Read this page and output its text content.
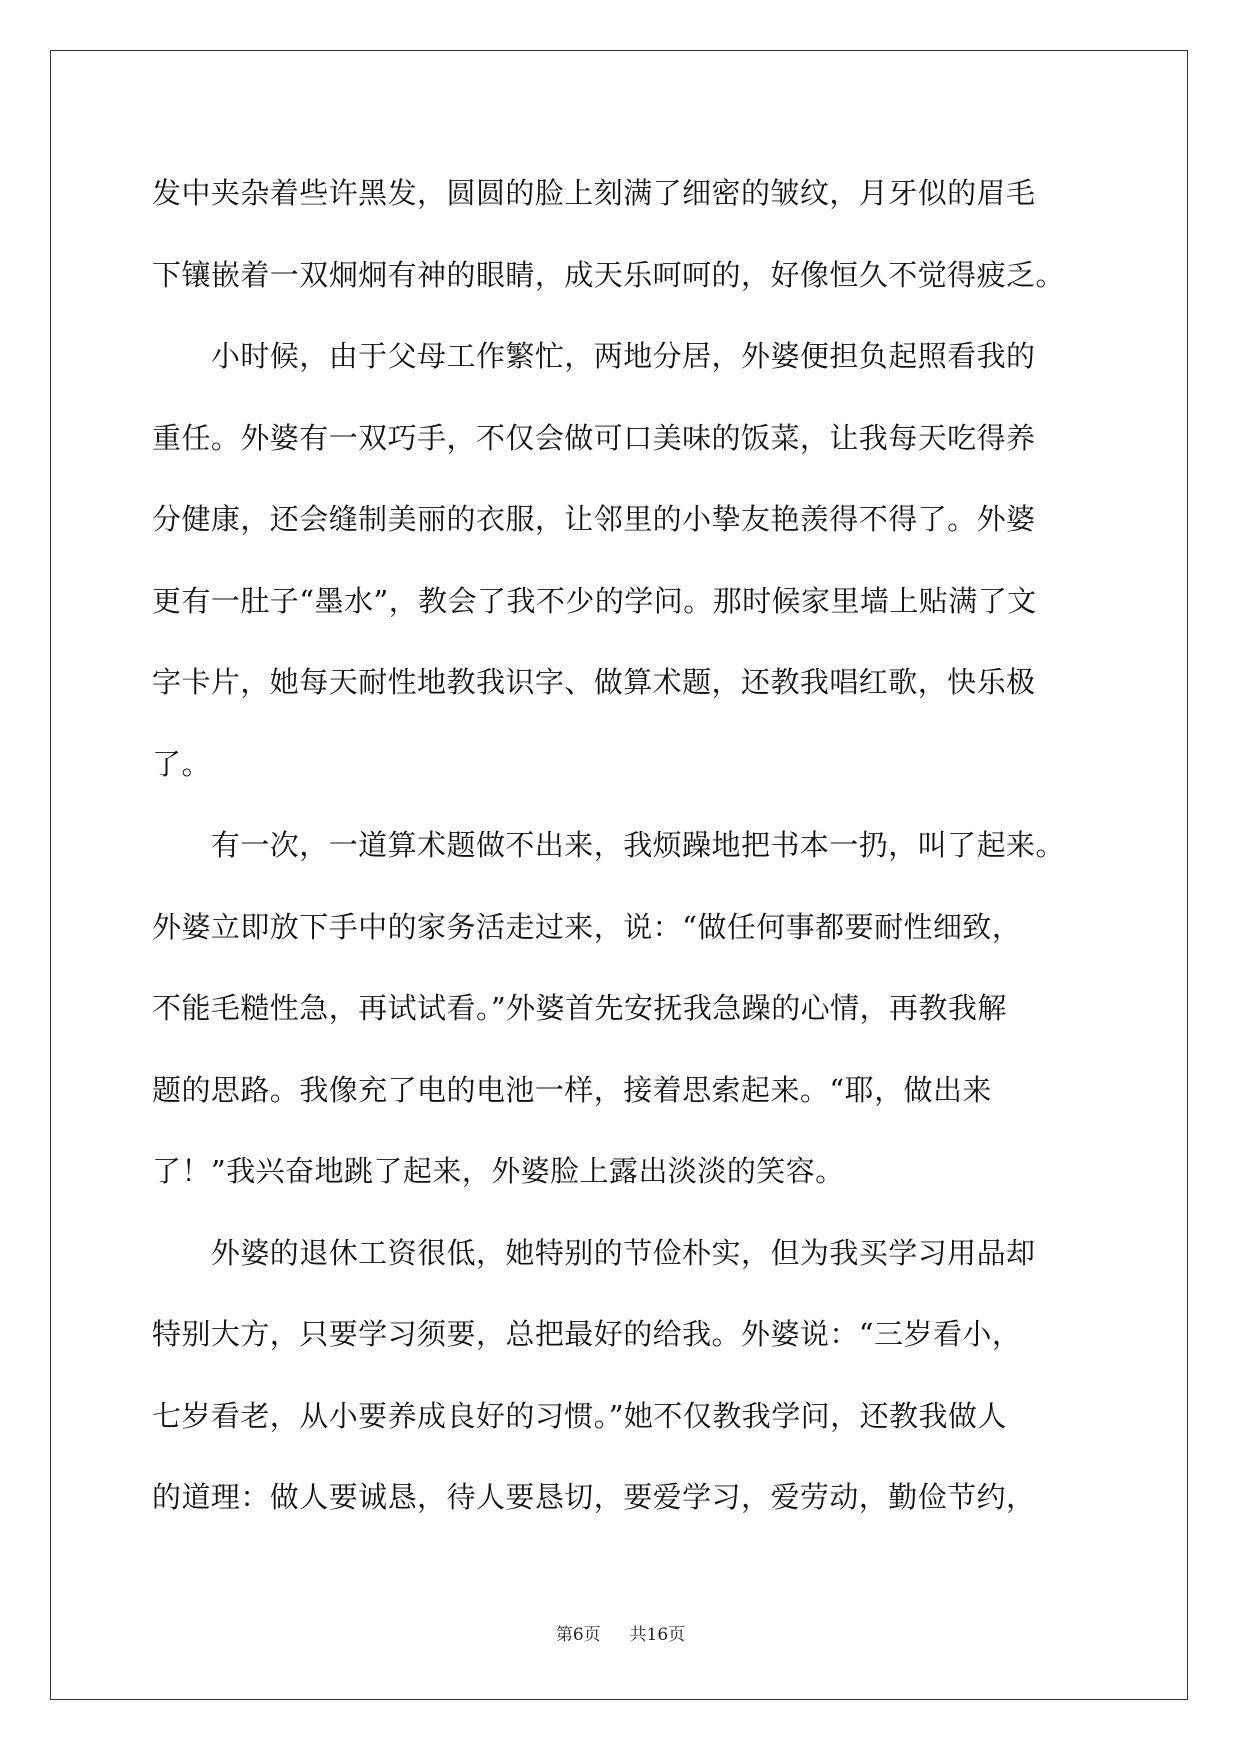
发中夹杂着些许黑发，圆圆的脸上刻满了细密的皱纹，月牙似的眉毛
下镶嵌着一双炯炯有神的眼睛，成天乐呵呵的，好像恒久不觉得疲乏。
　　小时候，由于父母工作繁忙，两地分居，外婆便担负起照看我的
重任。外婆有一双巧手，不仅会做可口美味的饭菜，让我每天吃得养
分健康，还会缝制美丽的衣服，让邻里的小挚友艳羡得不得了。外婆
更有一肚子“墨水”，教会了我不少的学问。那时候家里墙上贴满了文
字卡片，她每天耐性地教我识字、做算术题，还教我唱红歌，快乐极
了。
　　有一次，一道算术题做不出来，我烦躁地把书本一扔，叫了起来。
外婆立即放下手中的家务活走过来，说：“做任何事都要耐性细致，
不能毛糙性急，再试试看。”外婆首先安抚我急躁的心情，再教我解
题的思路。我像充了电的电池一样，接着思索起来。“耶，做出来
了！”我兴奋地跳了起来，外婆脸上露出淡淡的笑容。
　　外婆的退休工资很低，她特别的节俭朴实，但为我买学习用品却
特别大方，只要学习须要，总把最好的给我。外婆说：“三岁看小，
七岁看老，从小要养成良好的习惯。”她不仅教我学问，还教我做人
的道理：做人要诚恳，待人要恳切，要爱学习，爱劳动，勤俭节约，
第6页 共16页
